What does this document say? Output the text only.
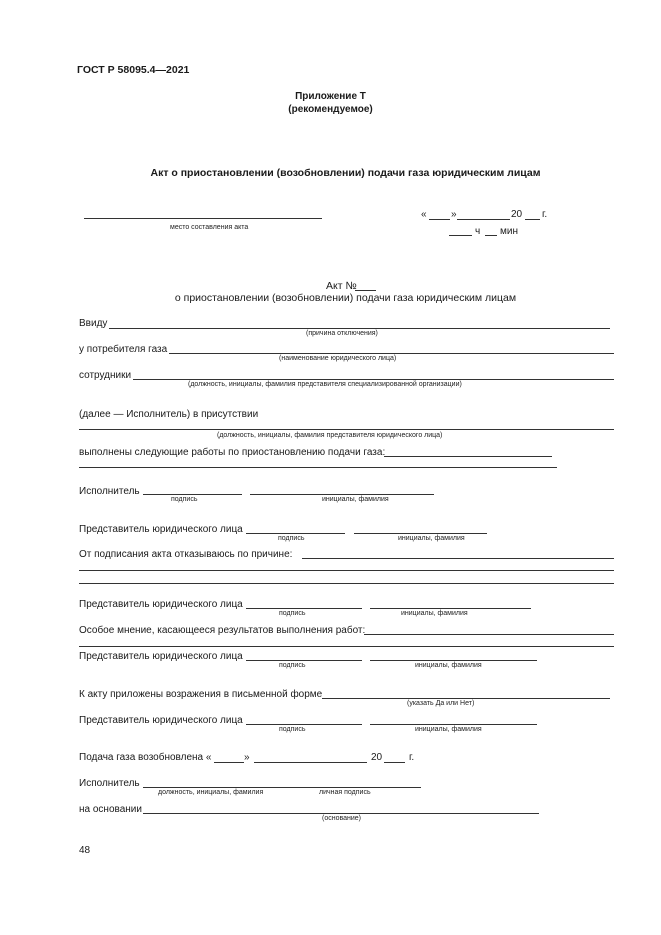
ГОСТ Р 58095.4—2021
Приложение Т
(рекомендуемое)
Акт о приостановлении (возобновлении) подачи газа юридическим лицам
место составления акта
« »	20 г.
ч мин
Акт №
о приостановлении (возобновлении) подачи газа юридическим лицам
Ввиду
(причина отключения)
у потребителя газа
(наименование юридического лица)
сотрудники
(должность, инициалы, фамилия представителя специализированной организации)
(далее — Исполнитель) в присутствии
(должность, инициалы, фамилия представителя юридического лица)
выполнены следующие работы по приостановлению подачи газа:
Исполнитель
подпись	инициалы, фамилия
Представитель юридического лица
подпись	инициалы, фамилия
От подписания акта отказываюсь по причине:
Представитель юридического лица
подпись	инициалы, фамилия
Особое мнение, касающееся результатов выполнения работ:
Представитель юридического лица
подпись	инициалы, фамилия
К акту приложены возражения в письменной форме
(указать Да или Нет)
Представитель юридического лица
подпись	инициалы, фамилия
Подача газа возобновлена «	»	20	г.
Исполнитель
должность, инициалы, фамилия	личная подпись
на основании
(основание)
48
